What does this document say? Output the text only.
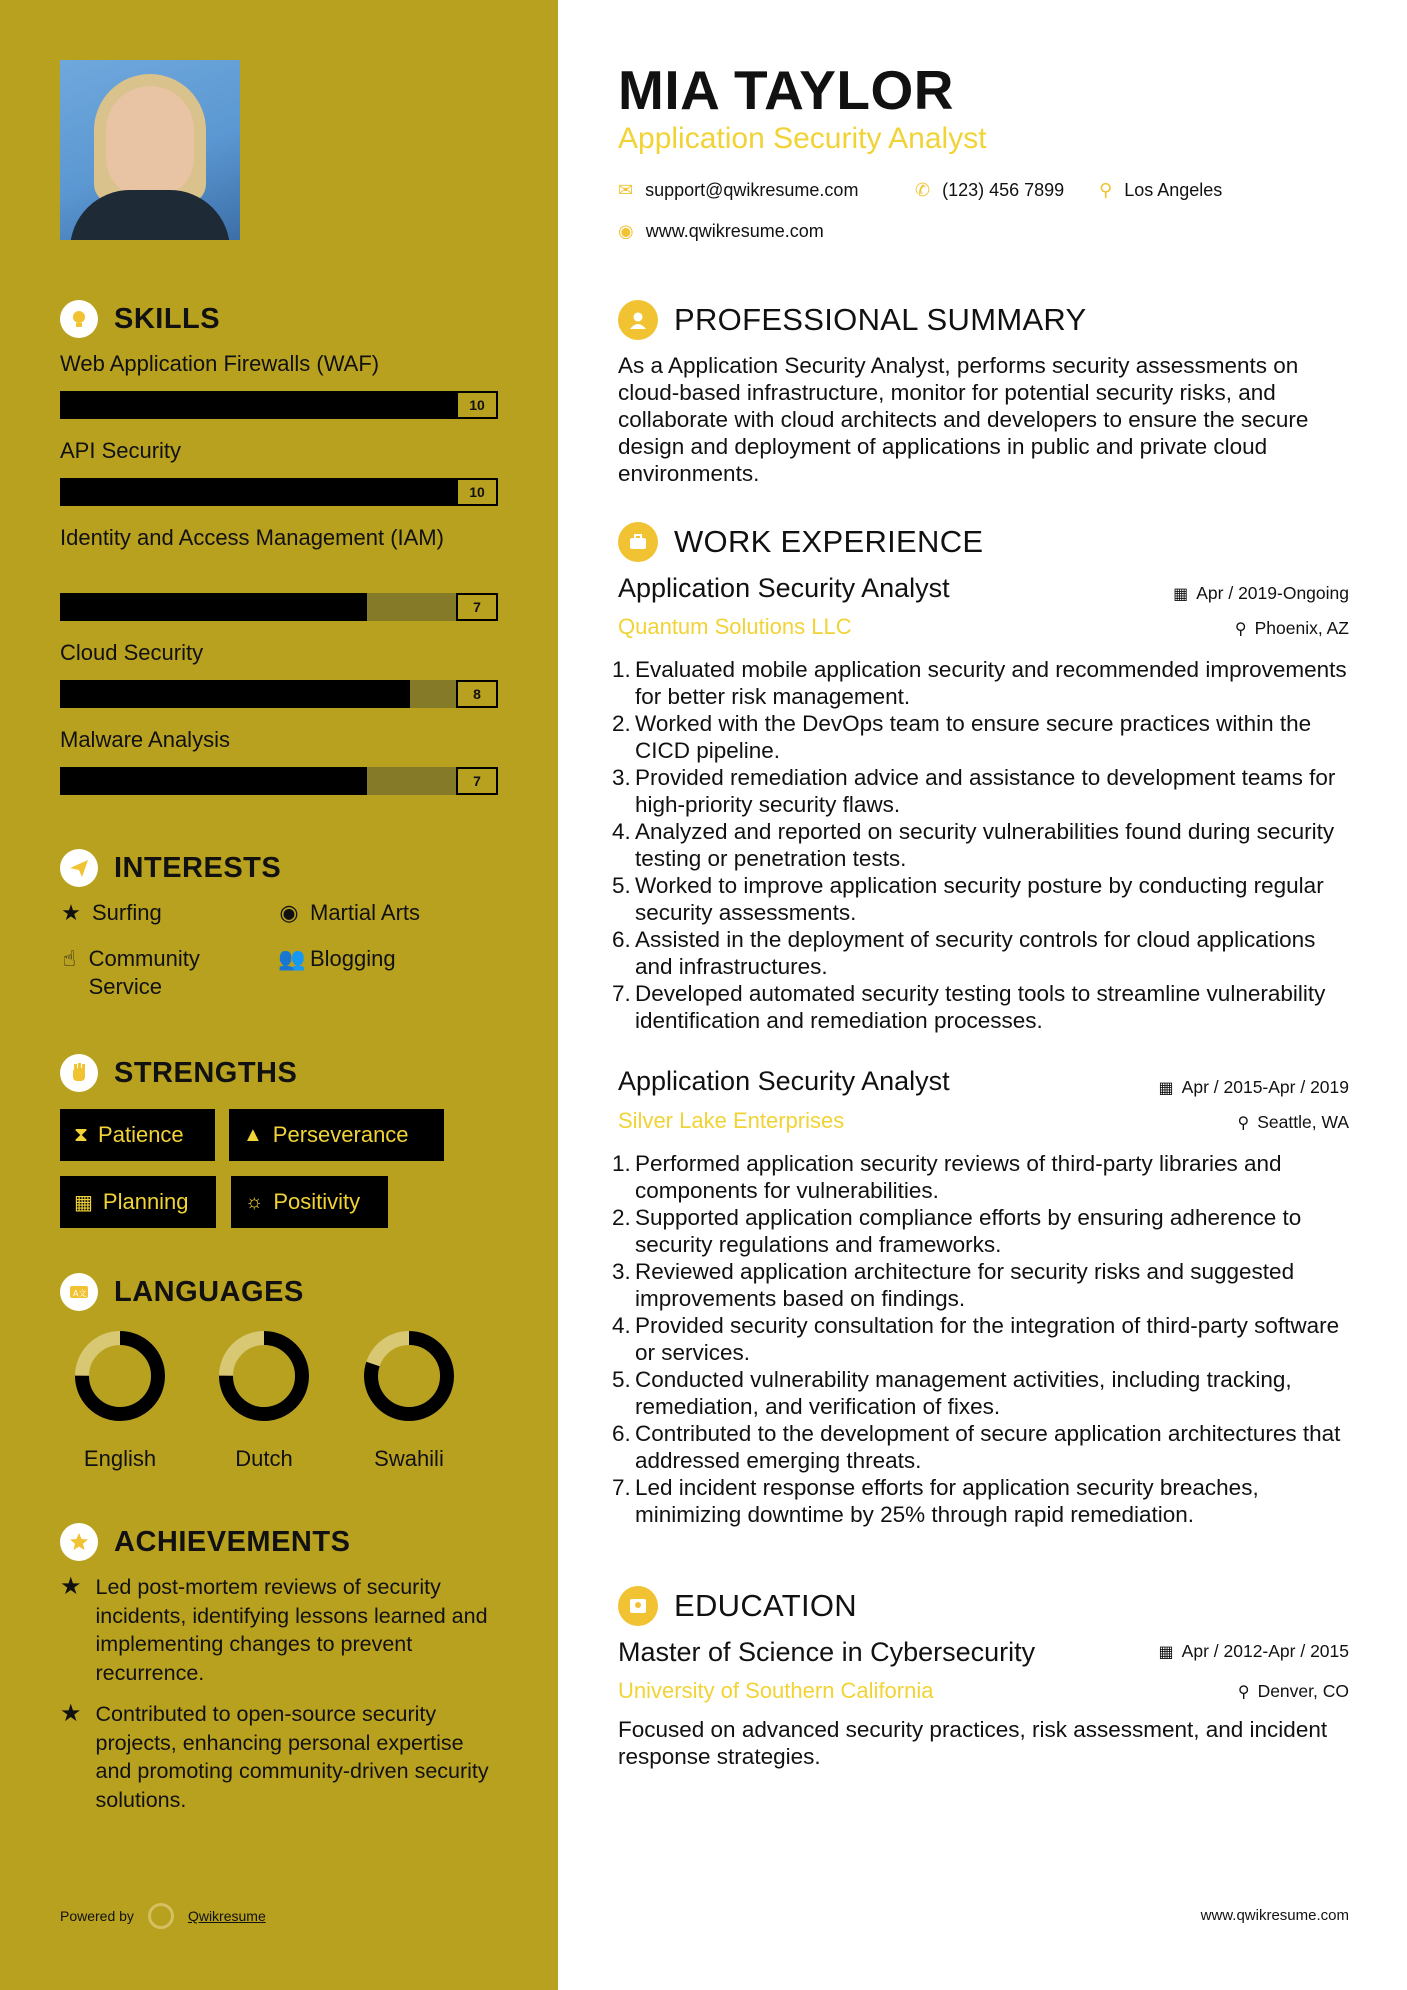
SKILLS
Web Application Firewalls (WAF)
10
API Security
10
Identity and Access Management (IAM)
7
Cloud Security
8
Malware Analysis
7
INTERESTS
★ Surfing	◉ Martial Arts
☝ Community Service
👥 Blogging
STRENGTHS
⧗ Patience	▲ Perseverance
▦ Planning	☼ Positivity
A文 LANGUAGES
English	Dutch	Swahili
ACHIEVEMENTS
★ Led post-mortem reviews of security incidents, identifying lessons learned and implementing changes to prevent recurrence.
★ Contributed to open-source security projects, enhancing personal expertise and promoting community-driven security solutions.
Powered by	Qwikresume
MIA TAYLOR
Application Security Analyst
✉ support@qwikresume.com	✆ (123) 456 7899 ⚲ Los Angeles
◉ www.qwikresume.com
PROFESSIONAL SUMMARY
As a Application Security Analyst, performs security assessments on cloud-based infrastructure, monitor for potential security risks, and collaborate with cloud architects and developers to ensure the secure design and deployment of applications in public and private cloud environments.
WORK EXPERIENCE
Application Security Analyst	▦ Apr / 2019-Ongoing
Quantum Solutions LLC	⚲ Phoenix, AZ
1. Evaluated mobile application security and recommended improvements for better risk management.
2. Worked with the DevOps team to ensure secure practices within the CICD pipeline.
3. Provided remediation advice and assistance to development teams for high-priority security flaws.
4. Analyzed and reported on security vulnerabilities found during security testing or penetration tests.
5. Worked to improve application security posture by conducting regular security assessments.
6. Assisted in the deployment of security controls for cloud applications and infrastructures.
7. Developed automated security testing tools to streamline vulnerability identification and remediation processes.
Application Security Analyst	▦ Apr / 2015-Apr / 2019
Silver Lake Enterprises	⚲ Seattle, WA
1. Performed application security reviews of third-party libraries and components for vulnerabilities.
2. Supported application compliance efforts by ensuring adherence to security regulations and frameworks.
3. Reviewed application architecture for security risks and suggested improvements based on findings.
4. Provided security consultation for the integration of third-party software or services.
5. Conducted vulnerability management activities, including tracking, remediation, and verification of fixes.
6. Contributed to the development of secure application architectures that addressed emerging threats.
7. Led incident response efforts for application security breaches, minimizing downtime by 25% through rapid remediation.
EDUCATION
Master of Science in Cybersecurity	▦ Apr / 2012-Apr / 2015
University of Southern California	⚲ Denver, CO
Focused on advanced security practices, risk assessment, and incident response strategies.
www.qwikresume.com
